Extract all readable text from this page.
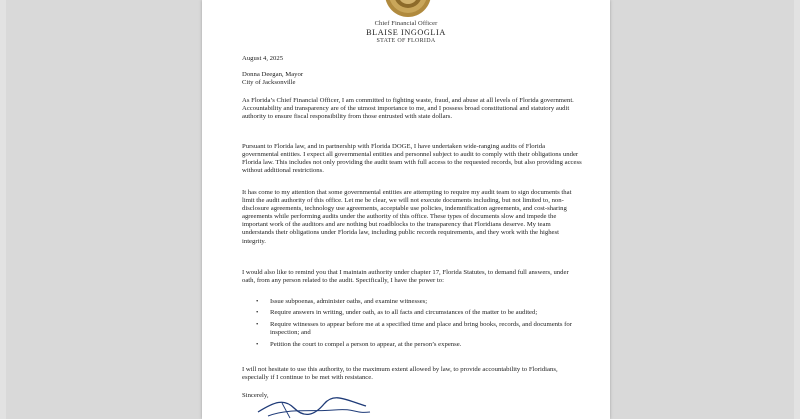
Chief Financial Officer
BLAISE INGOGLIA
STATE OF FLORIDA
August 4, 2025
Donna Deegan, Mayor
City of Jacksonville
As Florida’s Chief Financial Officer, I am committed to fighting waste, fraud, and abuse at all levels of Florida government. Accountability and transparency are of the utmost importance to me, and I possess broad constitutional and statutory audit authority to ensure fiscal responsibility from those entrusted with state dollars.
Pursuant to Florida law, and in partnership with Florida DOGE, I have undertaken wide-ranging audits of Florida governmental entities. I expect all governmental entities and personnel subject to audit to comply with their obligations under Florida law. This includes not only providing the audit team with full access to the requested records, but also providing access without additional restrictions.
It has come to my attention that some governmental entities are attempting to require my audit team to sign documents that limit the audit authority of this office. Let me be clear, we will not execute documents including, but not limited to, non-disclosure agreements, technology use agreements, acceptable use policies, indemnification agreements, and cost-sharing agreements while performing audits under the authority of this office. These types of documents slow and impede the important work of the auditors and are nothing but roadblocks to the transparency that Floridians deserve. My team understands their obligations under Florida law, including public records requirements, and they work with the highest integrity.
I would also like to remind you that I maintain authority under chapter 17, Florida Statutes, to demand full answers, under oath, from any person related to the audit. Specifically, I have the power to:
• Issue subpoenas, administer oaths, and examine witnesses;
• Require answers in writing, under oath, as to all facts and circumstances of the matter to be audited;
• Require witnesses to appear before me at a specified time and place and bring books, records, and documents for inspection; and
• Petition the court to compel a person to appear, at the person’s expense.
I will not hesitate to use this authority, to the maximum extent allowed by law, to provide accountability to Floridians, especially if I continue to be met with resistance.
Sincerely,
